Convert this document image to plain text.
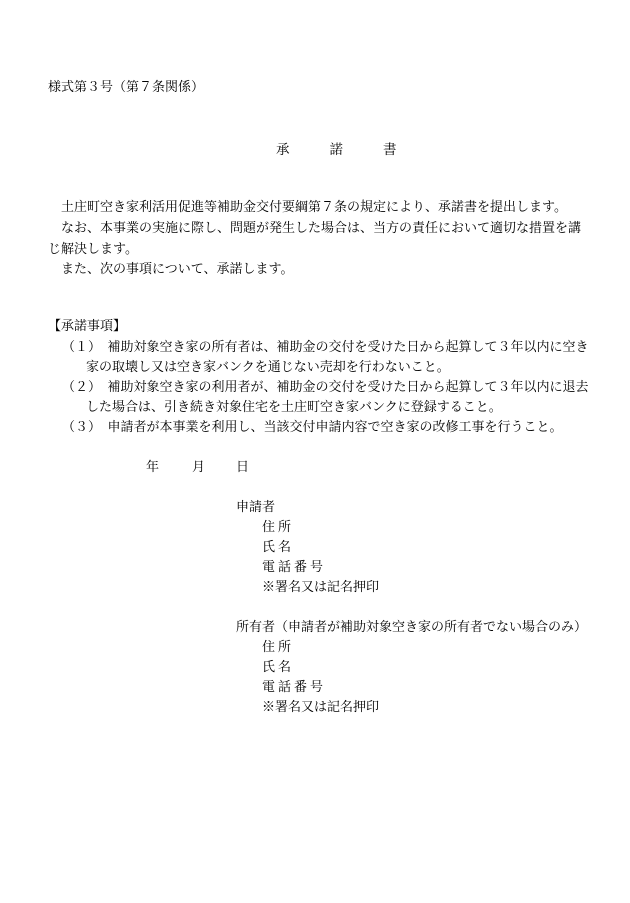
様式第３号（第７条関係）
承諾書
　土庄町空き家利活用促進等補助金交付要綱第７条の規定により、承諾書を提出します。
　なお、本事業の実施に際し、問題が発生した場合は、当方の責任において適切な措置を講
じ解決します。
　また、次の事項について、承諾します。
【承諾事項】
（１）　補助対象空き家の所有者は、補助金の交付を受けた日から起算して３年以内に空き
家の取壊し又は空き家バンクを通じない売却を行わないこと。
（２）　補助対象空き家の利用者が、補助金の交付を受けた日から起算して３年以内に退去
した場合は、引き続き対象住宅を土庄町空き家バンクに登録すること。
（３）　申請者が本事業を利用し、当該交付申請内容で空き家の改修工事を行うこと。
年	月 日
申請者
住所
氏名
電話番号
※署名又は記名押印
所有者（申請者が補助対象空き家の所有者でない場合のみ）
住所
氏名
電話番号
※署名又は記名押印
